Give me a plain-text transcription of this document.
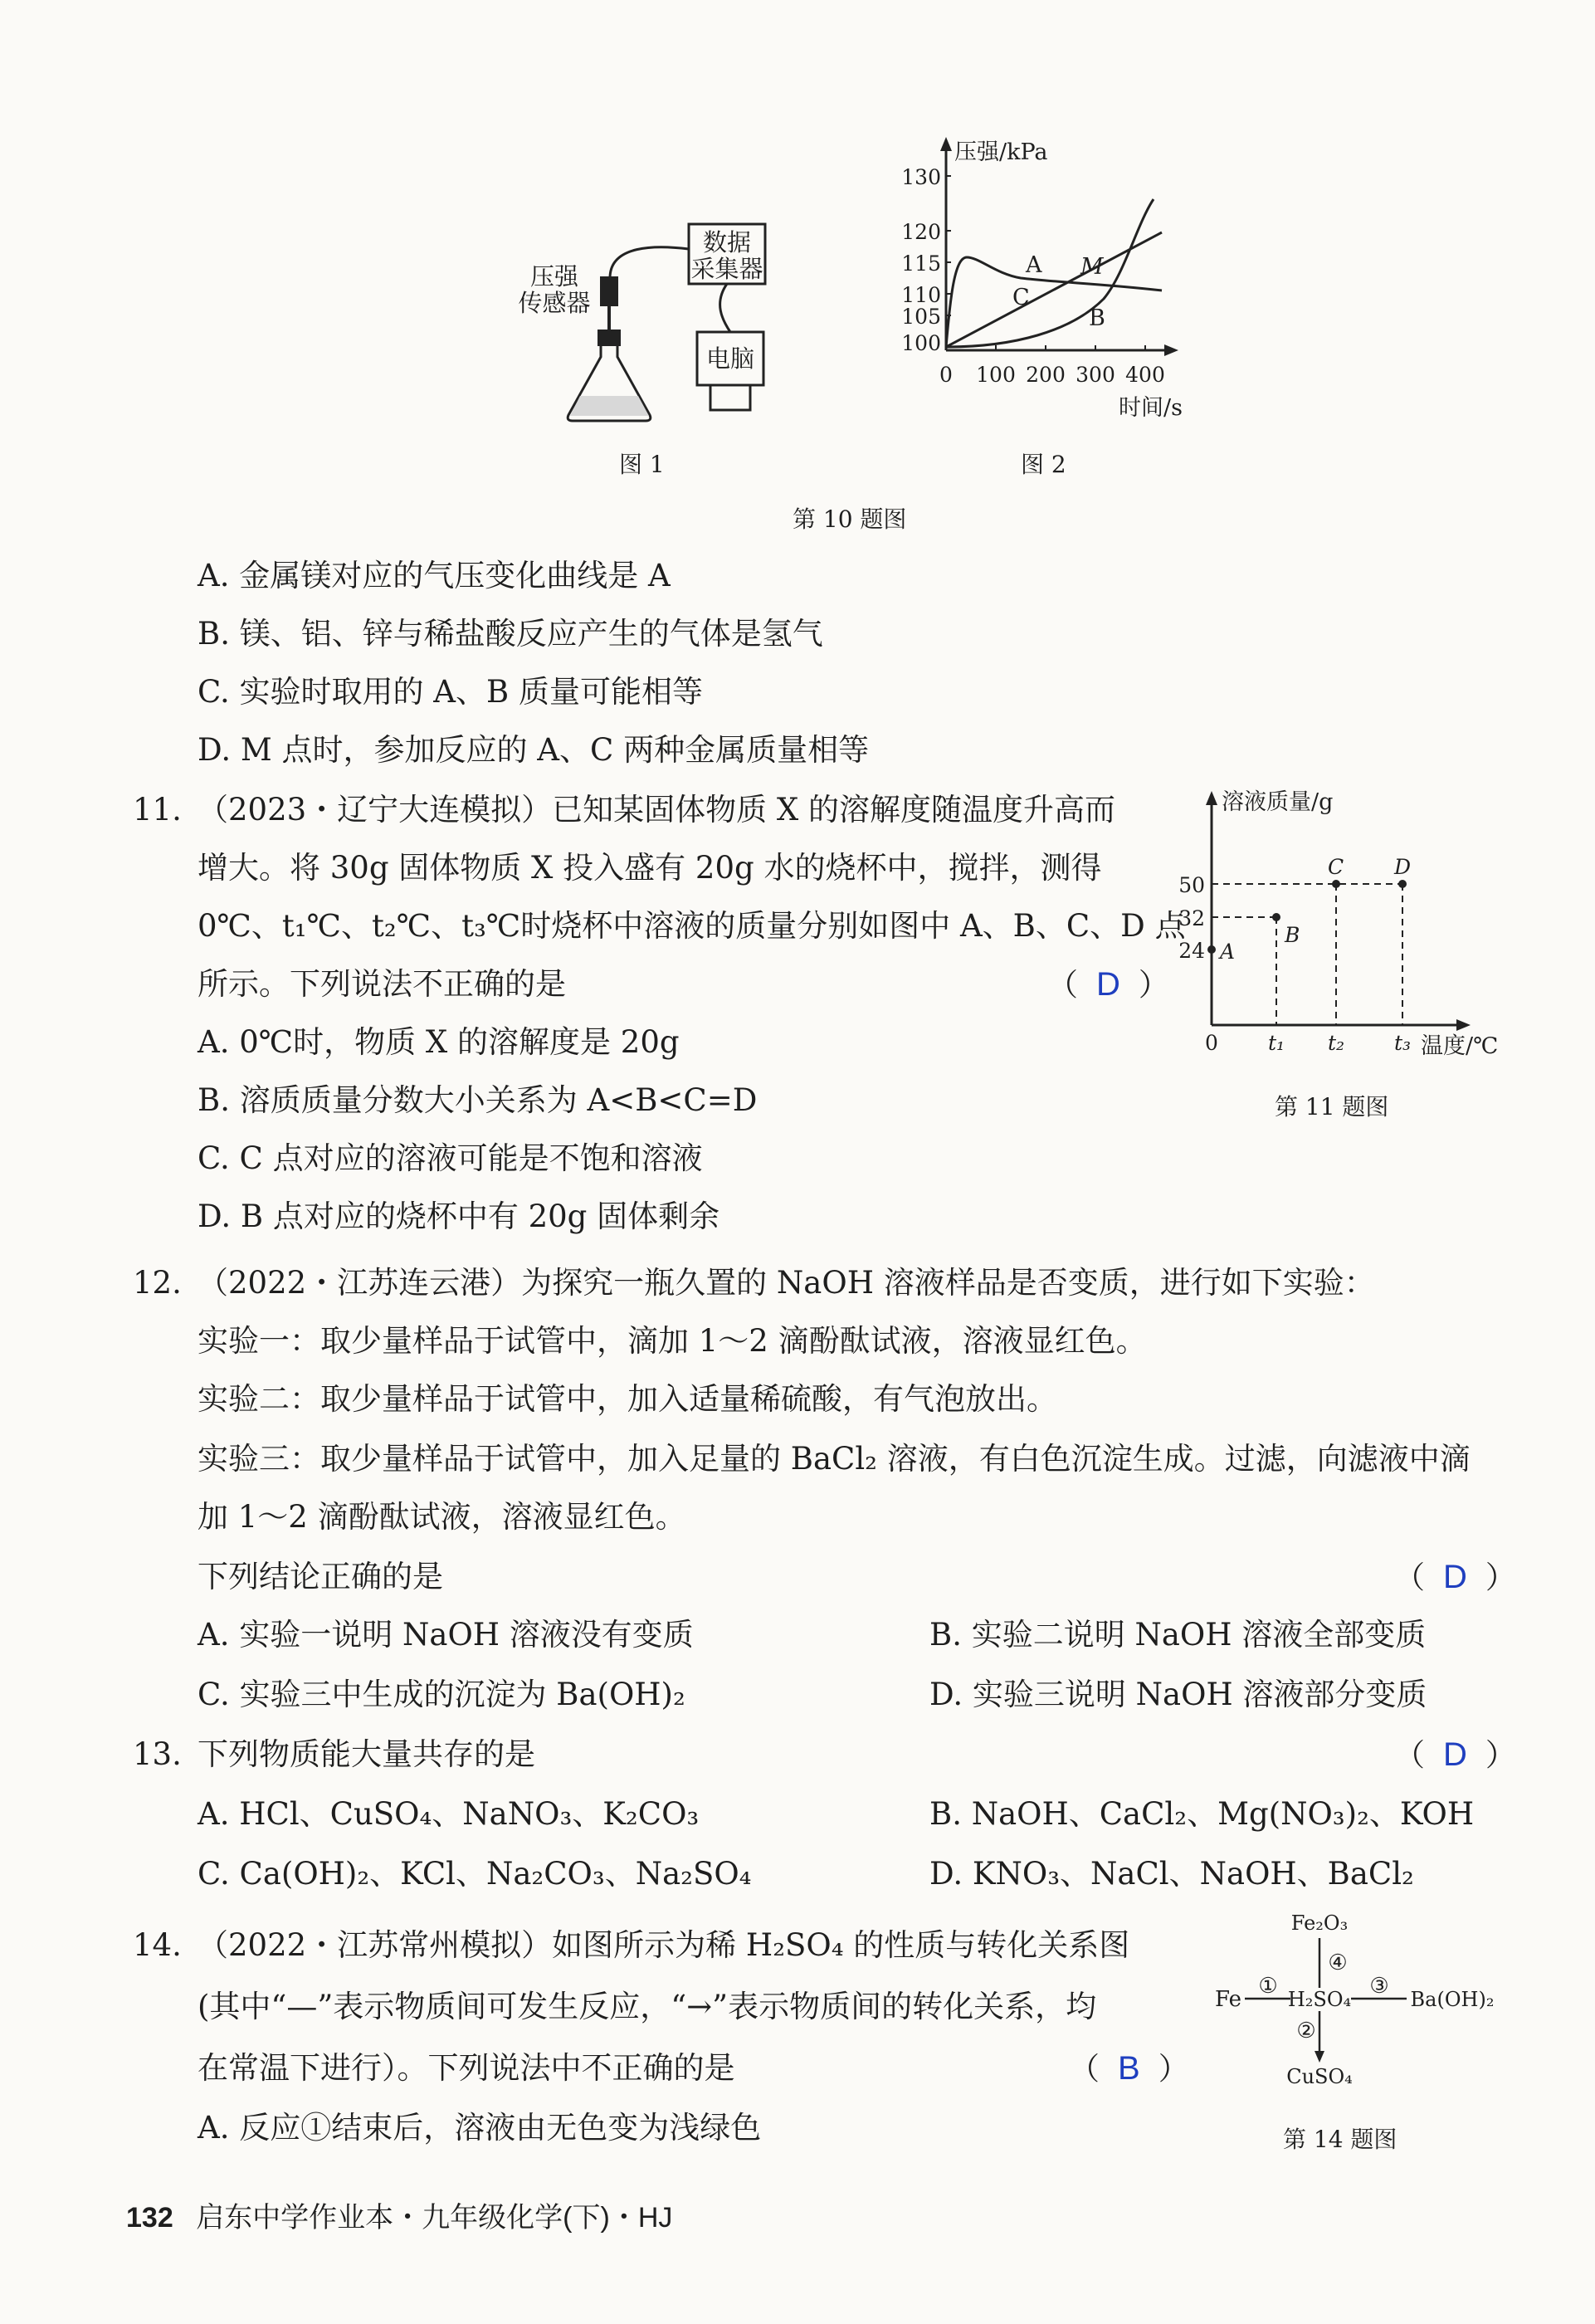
数据
采集器
电脑
压强
传感器
图 1
压强/kPa
时间/s
130
120
115
110
105
100
0 100 200 300 400
A M
C
B
图 2
第 10 题图
A. 金属镁对应的气压变化曲线是 A
B. 镁、铝、锌与稀盐酸反应产生的气体是氢气
C. 实验时取用的 A、B 质量可能相等
D. M 点时，参加反应的 A、C 两种金属质量相等
11. （2023・辽宁大连模拟）已知某固体物质 X 的溶解度随温度升高而
增大。将 30g 固体物质 X 投入盛有 20g 水的烧杯中，搅拌，测得
0℃、t₁℃、t₂℃、t₃℃时烧杯中溶液的质量分别如图中 A、B、C、D 点
所示。下列说法不正确的是	（ D ）
A. 0℃时，物质 X 的溶解度是 20g
B. 溶质质量分数大小关系为 A<B<C=D
C. C 点对应的溶液可能是不饱和溶液
D. B 点对应的烧杯中有 20g 固体剩余
溶液质量/g
温度/℃
50
32
24
0 t₁ t₂ t₃
A
B
C D
第 11 题图
12. （2022・江苏连云港）为探究一瓶久置的 NaOH 溶液样品是否变质，进行如下实验：
实验一：取少量样品于试管中，滴加 1～2 滴酚酞试液，溶液显红色。
实验二：取少量样品于试管中，加入适量稀硫酸，有气泡放出。
实验三：取少量样品于试管中，加入足量的 BaCl₂ 溶液，有白色沉淀生成。过滤，向滤液中滴
加 1～2 滴酚酞试液，溶液显红色。
下列结论正确的是	（ D ）
A. 实验一说明 NaOH 溶液没有变质	B. 实验二说明 NaOH 溶液全部变质
C. 实验三中生成的沉淀为 Ba(OH)₂	D. 实验三说明 NaOH 溶液部分变质
13. 下列物质能大量共存的是	（ D ）
A. HCl、CuSO₄、NaNO₃、K₂CO₃	B. NaOH、CaCl₂、Mg(NO₃)₂、KOH
C. Ca(OH)₂、KCl、Na₂CO₃、Na₂SO₄	D. KNO₃、NaCl、NaOH、BaCl₂
14. （2022・江苏常州模拟）如图所示为稀 H₂SO₄ 的性质与转化关系图
(其中“—”表示物质间可发生反应，“→”表示物质间的转化关系，均
在常温下进行）。下列说法中不正确的是	（ B ）
A. 反应①结束后，溶液由无色变为浅绿色
Fe₂O₃
Fe H₂SO₄	Ba(OH)₂
CuSO₄
①
④
③
②
第 14 题图
132 启东中学作业本・九年级化学(下)・HJ
